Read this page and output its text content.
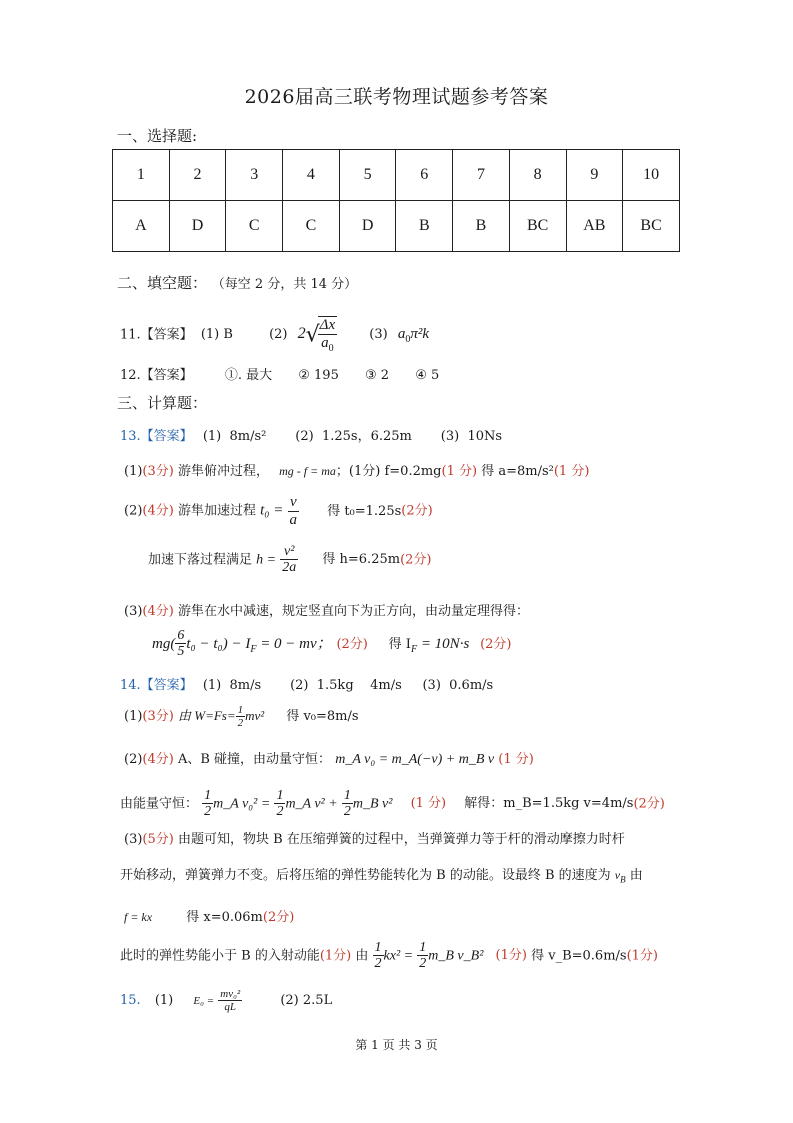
2026届高三联考物理试题参考答案
一、选择题:
1	2	3	4	5	6	7	8	9	10
A	D	C	C	D	B	B	BC	AB	BC
二、填空题： （每空 2 分，共 14 分）
11.【答案】 (1) B	(2) 2√
$\frac{\Delta x}{a_0} (3)$ $a_0\pi^2k$
12.【答案】 ①. 最大 ② 195 ③ 2 ④ 5
三、计算题：
13.【答案】 (1)  8m/s²       (2)  1.25s，6.25m       (3)  10Ns
(1)(3分) 游隼俯冲过程， mg - f = ma；(1分) f=0.2mg(1 分) 得 a=8m/s²(1 分)
(2)(4分) 游隼加速过程 $t_0 = \frac{v}{a}$ 得 t₀=1.25s(2分)
加速下落过程满足 $h = \frac{\text{v²}}{2a}$ 得 h=6.25m(2分)
(3)(4分) 游隼在水中减速，规定竖直向下为正方向，由动量定理得得：
$mg( \frac{6}{5} t_0 - t_0) - I_F = 0$ − mv； (2分) 得 $I_F = 10N\cdot s$ (2分)
14.【答案】 (1)  8m/s       (2)  1.5kg    4m/s     (3)  0.6m/s
(1)(3分) 由 $W=Fs= \frac{1}{2} mv^2$ 得 v₀=8m/s
(2)(4分) A、B 碰撞，由动量守恒： m_A v₀ = m_A(−v) + m_B v (1 分)
由能量守恒： $\frac{1}{2}$ m_A $v_0^2 = \frac{1}{2}$ m_A $v^2 + \frac{1}{2}$ m_B v² (1 分) 解得：m_B=1.5kg v=4m/s(2分)
(3)(5分) 由题可知，物块 B 在压缩弹簧的过程中，当弹簧弹力等于杆的滑动摩擦力时杆
开始移动，弹簧弹力不变。后将压缩的弹性势能转化为 B 的动能。设最终 B 的速度为 $v_B$ 由
f = kx	得 x=0.06m(2分)
此时的弹性势能小于 B 的入射动能(1分) 由 $\frac{1}{2} kx^2 = \frac{1}{2}$ m_B v_B² (1分) 得 v_B=0.6m/s(1分)
15. (1) $E_0 = \frac{\text{mv₀²}}{qL}$	(2) 2.5L
第 1 页 共 3 页
